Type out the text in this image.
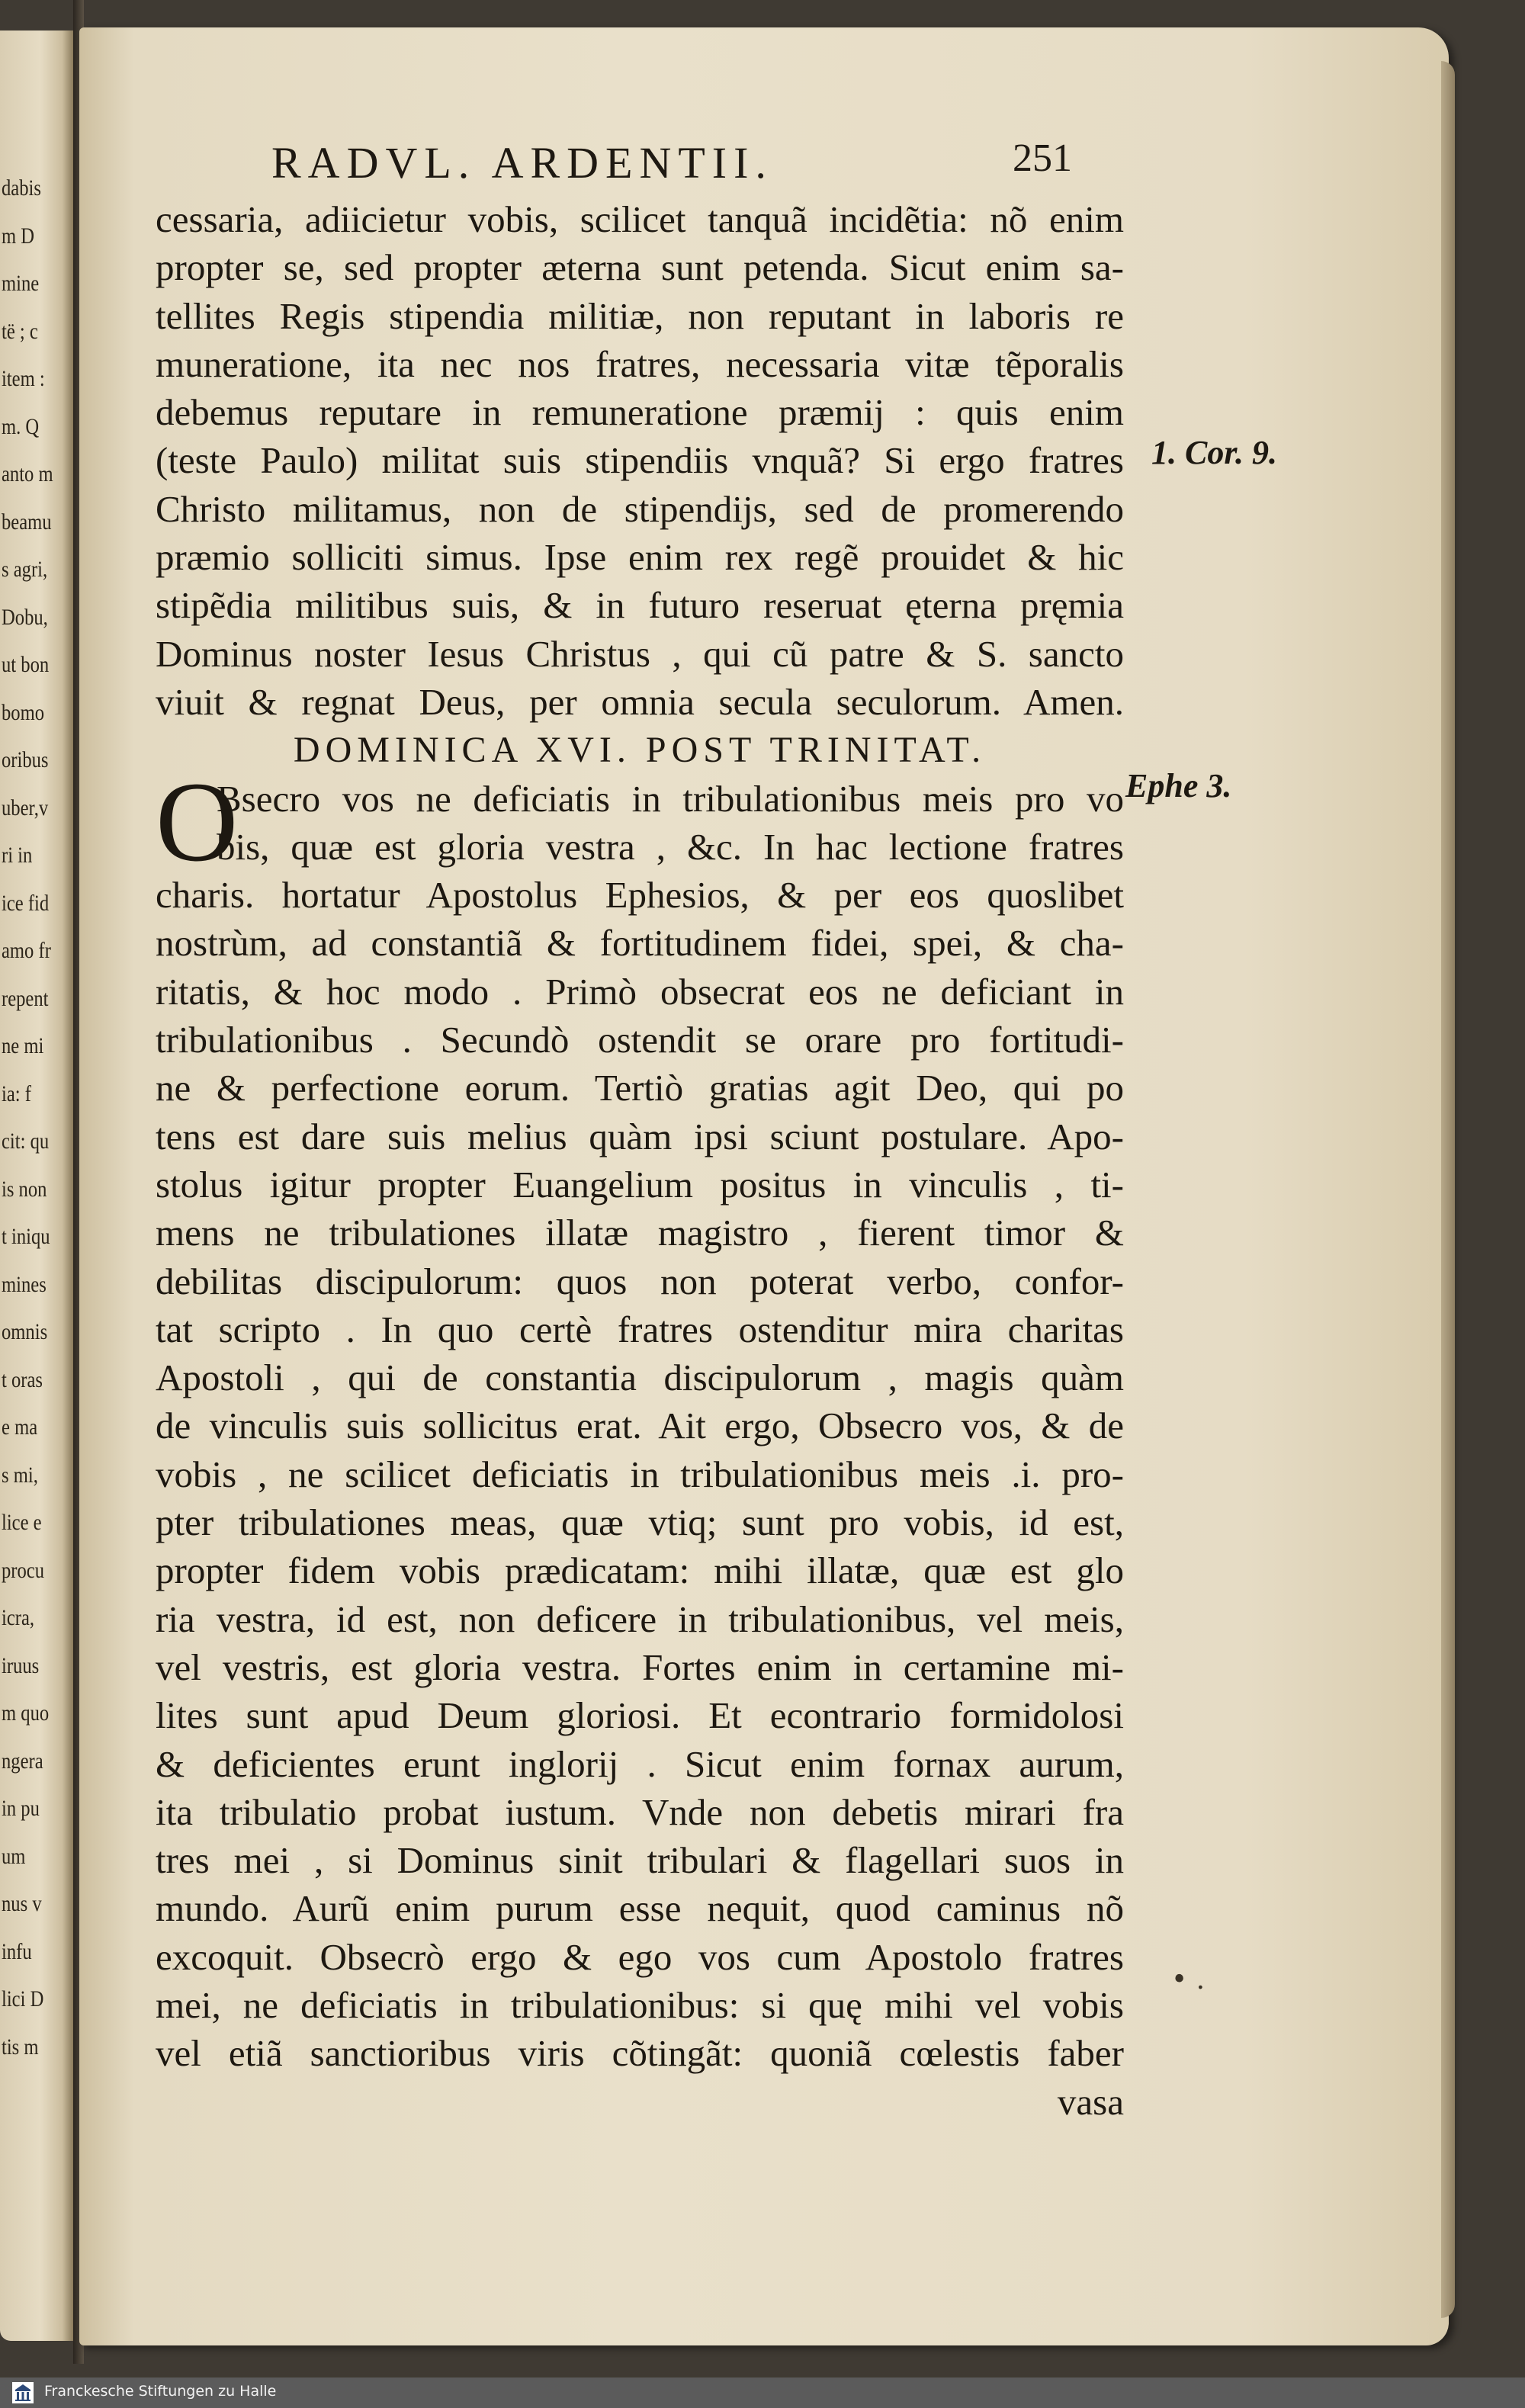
dabis
m D
mine
të ; c
item :
m. Q
anto m
beamu
s agri,
Dobu,
ut bon
bomo
oribus
uber,v
ri in
ice fid
amo fr
repent
ne mi
ia: f
cit: qu
is non
t iniqu
mines
omnis
t oras
e ma
s mi,
lice e
procu
icra,
iruus
m quo
ngera
in pu
um
nus v
infu
lici D
tis m
RADVL. ARDENTII.	251
O
cessaria, adiicietur vobis, scilicet tanquã incidẽtia: nõ enim
propter se, sed propter æterna sunt petenda. Sicut enim sa-
tellites Regis stipendia militiæ, non reputant in laboris re
muneratione, ita nec nos fratres, necessaria vitæ tẽporalis
debemus reputare in remuneratione præmij : quis enim
(teste Paulo) militat suis stipendiis vnquã? Si ergo fratres
Christo militamus, non de stipendijs, sed de promerendo
præmio solliciti simus. Ipse enim rex regẽ prouidet & hic
stipẽdia militibus suis, & in futuro reseruat ęterna pręmia
Dominus noster Iesus Christus , qui cũ patre & S. sancto
viuit & regnat Deus, per omnia secula seculorum. Amen.
DOMINICA XVI. POST TRINITAT.
Bsecro vos ne deficiatis in tribulationibus meis pro vo
bis, quæ est gloria vestra , &c. In hac lectione fratres
charis. hortatur Apostolus Ephesios, & per eos quoslibet
nostrùm, ad constantiã & fortitudinem fidei, spei, & cha-
ritatis, & hoc modo . Primò obsecrat eos ne deficiant in
tribulationibus . Secundò ostendit se orare pro fortitudi-
ne & perfectione eorum. Tertiò gratias agit Deo, qui po
tens est dare suis melius quàm ipsi sciunt postulare. Apo-
stolus igitur propter Euangelium positus in vinculis , ti-
mens ne tribulationes illatæ magistro , fierent timor &
debilitas discipulorum: quos non poterat verbo, confor-
tat scripto . In quo certè fratres ostenditur mira charitas
Apostoli , qui de constantia discipulorum , magis quàm
de vinculis suis sollicitus erat. Ait ergo, Obsecro vos, & de
vobis , ne scilicet deficiatis in tribulationibus meis .i. pro-
pter tribulationes meas, quæ vtiq; sunt pro vobis, id est,
propter fidem vobis prædicatam: mihi illatæ, quæ est glo
ria vestra, id est, non deficere in tribulationibus, vel meis,
vel vestris, est gloria vestra. Fortes enim in certamine mi-
lites sunt apud Deum gloriosi. Et econtrario formidolosi
& deficientes erunt inglorij . Sicut enim fornax aurum,
ita tribulatio probat iustum. Vnde non debetis mirari fra
tres mei , si Dominus sinit tribulari & flagellari suos in
mundo. Aurũ enim purum esse nequit, quod caminus nõ
excoquit. Obsecrò ergo & ego vos cum Apostolo fratres
mei, ne deficiatis in tribulationibus: si quę mihi vel vobis
vel etiã sanctioribus viris cõtingãt: quoniã cœlestis faber
vasa
1. Cor. 9.
Ephe 3.
• .
Franckesche Stiftungen zu Halle
